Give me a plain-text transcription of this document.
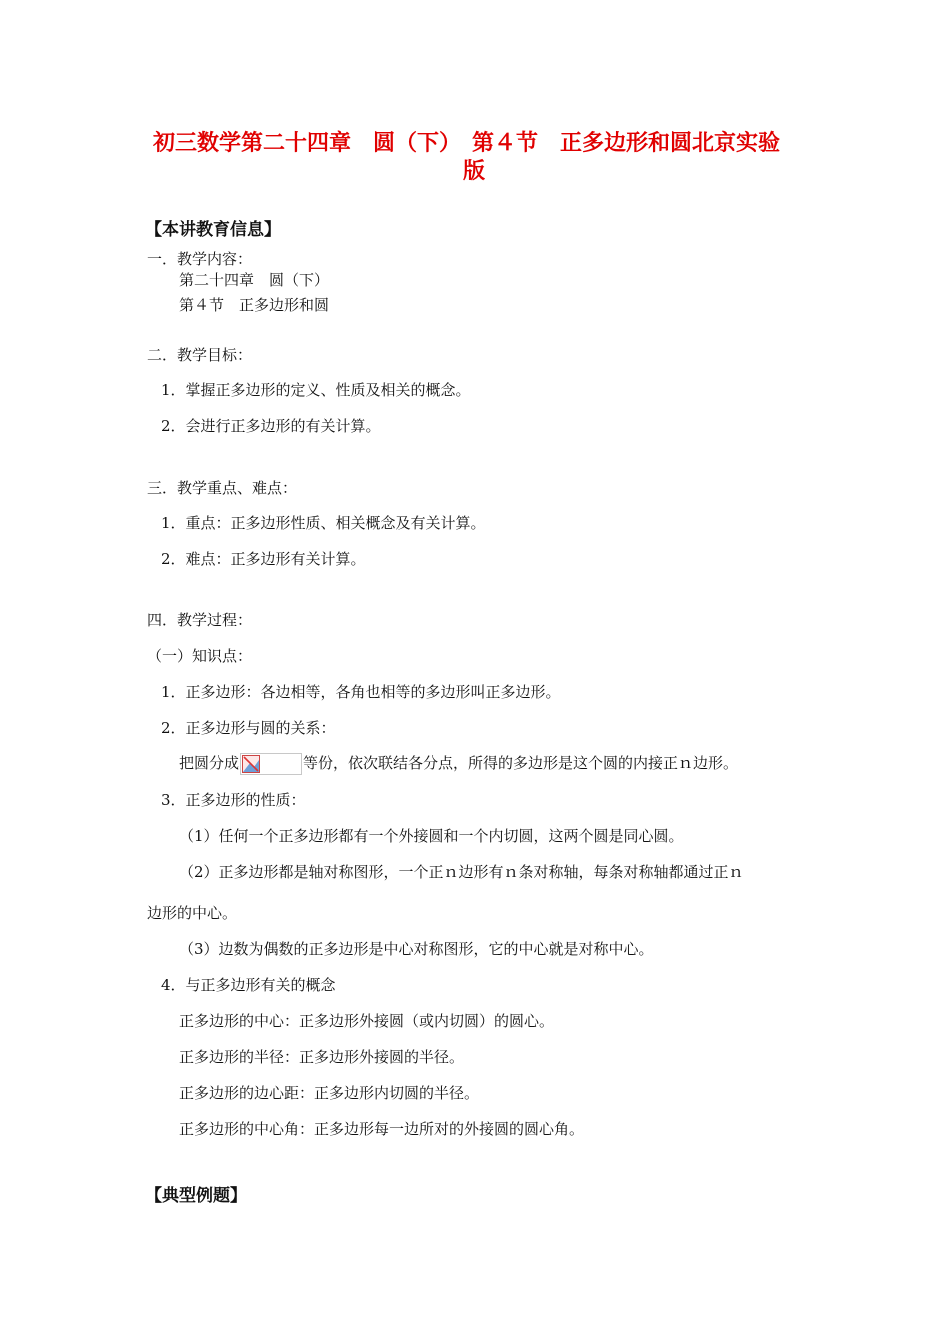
初三数学第二十四章　圆（下）　第４节　正多边形和圆北京实验
版
【本讲教育信息】
一．教学内容：
第二十四章　圆（下）
第４节　正多边形和圆
二．教学目标：
1．掌握正多边形的定义、性质及相关的概念。
2．会进行正多边形的有关计算。
三．教学重点、难点：
1．重点：正多边形性质、相关概念及有关计算。
2．难点：正多边形有关计算。
四．教学过程：
（一）知识点：
1．正多边形：各边相等，各角也相等的多边形叫正多边形。
2．正多边形与圆的关系：
把圆分成	等份，依次联结各分点，所得的多边形是这个圆的内接正ｎ边形。
3．正多边形的性质：
（1）任何一个正多边形都有一个外接圆和一个内切圆，这两个圆是同心圆。
（2）正多边形都是轴对称图形，一个正ｎ边形有ｎ条对称轴，每条对称轴都通过正ｎ
边形的中心。
（3）边数为偶数的正多边形是中心对称图形，它的中心就是对称中心。
4．与正多边形有关的概念
正多边形的中心：正多边形外接圆（或内切圆）的圆心。
正多边形的半径：正多边形外接圆的半径。
正多边形的边心距：正多边形内切圆的半径。
正多边形的中心角：正多边形每一边所对的外接圆的圆心角。
【典型例题】
